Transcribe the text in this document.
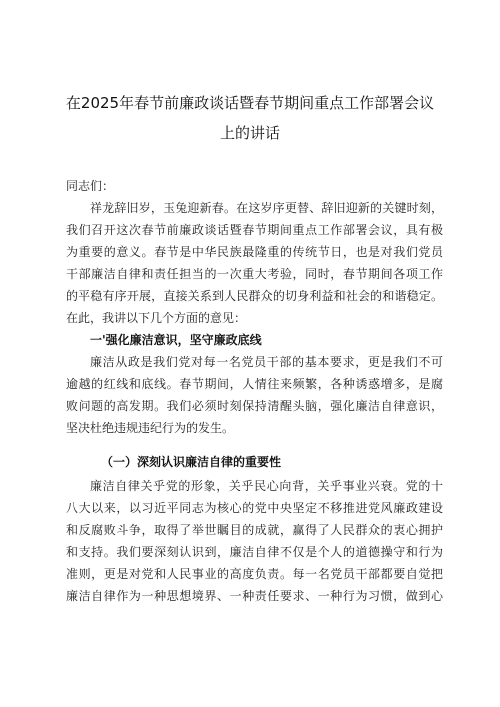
在2025年春节前廉政谈话暨春节期间重点工作部署会议
上的讲话
同志们：
祥龙辞旧岁，玉兔迎新春。在这岁序更替、辞旧迎新的关键时刻，
我们召开这次春节前廉政谈话暨春节期间重点工作部署会议，具有极
为重要的意义。春节是中华民族最隆重的传统节日，也是对我们党员
干部廉洁自律和责任担当的一次重大考验，同时，春节期间各项工作
的平稳有序开展，直接关系到人民群众的切身利益和社会的和谐稳定。
在此，我讲以下几个方面的意见：
一'强化廉洁意识，坚守廉政底线
廉洁从政是我们党对每一名党员干部的基本要求，更是我们不可
逾越的红线和底线。春节期间，人情往来频繁，各种诱惑增多，是腐
败问题的高发期。我们必须时刻保持清醒头脑，强化廉洁自律意识，
坚决杜绝违规违纪行为的发生。
（一）深刻认识廉洁自律的重要性
廉洁自律关乎党的形象，关乎民心向背，关乎事业兴衰。党的十
八大以来，以习近平同志为核心的党中央坚定不移推进党风廉政建设
和反腐败斗争，取得了举世瞩目的成就，赢得了人民群众的衷心拥护
和支持。我们要深刻认识到，廉洁自律不仅是个人的道德操守和行为
准则，更是对党和人民事业的高度负责。每一名党员干部都要自觉把
廉洁自律作为一种思想境界、一种责任要求、一种行为习惯，做到心
